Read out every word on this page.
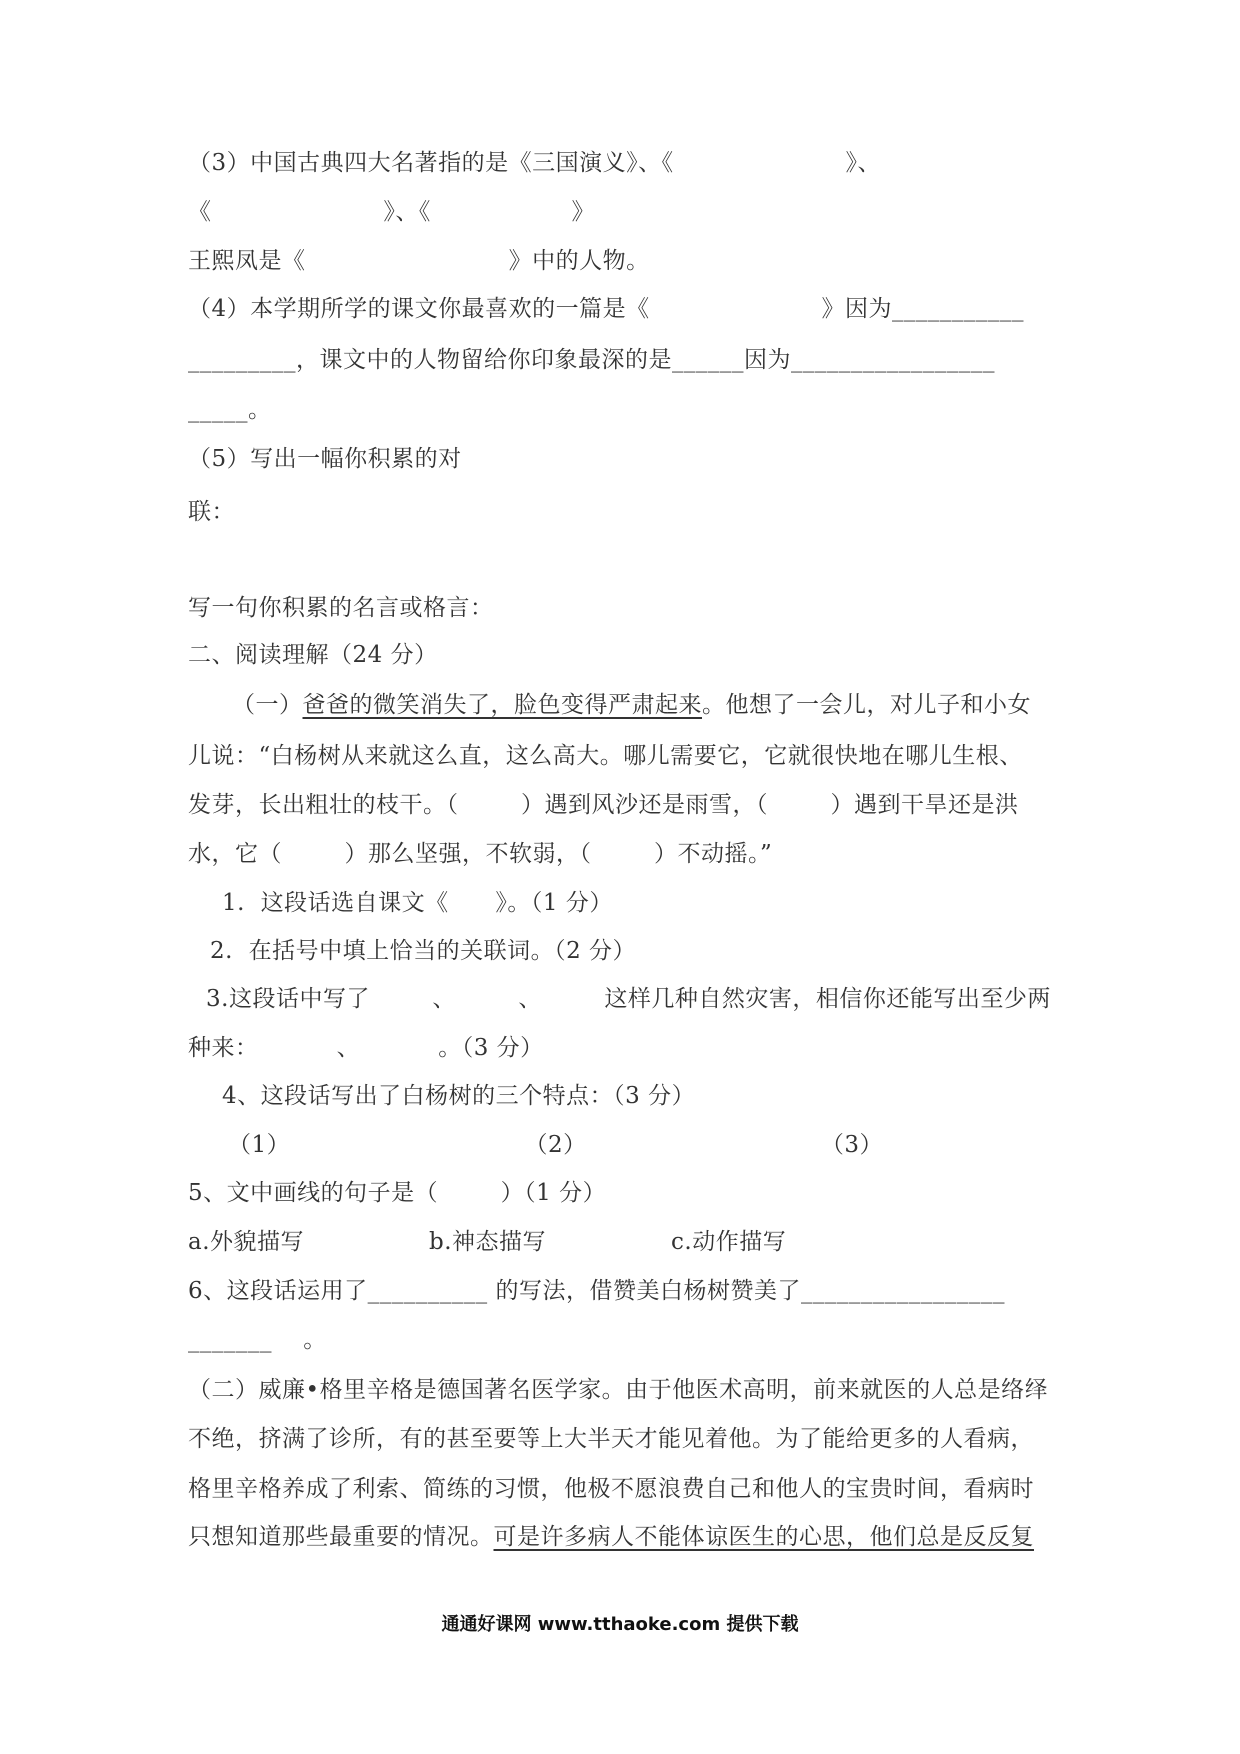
（3）中国古典四大名著指的是《三国演义》、《                      》、
《                      》、《                  》
王熙凤是《                          》中的人物。
（4）本学期所学的课文你最喜欢的一篇是《                      》因为___________
_________，课文中的人物留给你印象最深的是______因为_________________
_____。
（5）写出一幅你积累的对
联：
写一句你积累的名言或格言：
二、阅读理解（24 分）
（一）爸爸的微笑消失了，脸色变得严肃起来。他想了一会儿，对儿子和小女
儿说：“白杨树从来就这么直，这么高大。哪儿需要它，它就很快地在哪儿生根、
发芽，长出粗壮的枝干。（        ）遇到风沙还是雨雪，（        ）遇到干旱还是洪
水，它（        ）那么坚强，不软弱，（        ）不动摇。”
1.  这段话选自课文《      》。（1 分）
2.  在括号中填上恰当的关联词。（2 分）
3.这段话中写了        、        、        这样几种自然灾害，相信你还能写出至少两
种来：          、          。（3 分）
4、这段话写出了白杨树的三个特点：（3 分）
（1）                              （2）                              （3）
5、文中画线的句子是（        ）（1 分）
a.外貌描写                b.神态描写                c.动作描写
6、这段话运用了__________ 的写法，借赞美白杨树赞美了_________________
_______    。
（二）威廉•格里辛格是德国著名医学家。由于他医术高明，前来就医的人总是络绎
不绝，挤满了诊所，有的甚至要等上大半天才能见着他。为了能给更多的人看病，
格里辛格养成了利索、简练的习惯，他极不愿浪费自己和他人的宝贵时间，看病时
只想知道那些最重要的情况。可是许多病人不能体谅医生的心思，他们总是反反复
通通好课网 www.tthaoke.com 提供下载
